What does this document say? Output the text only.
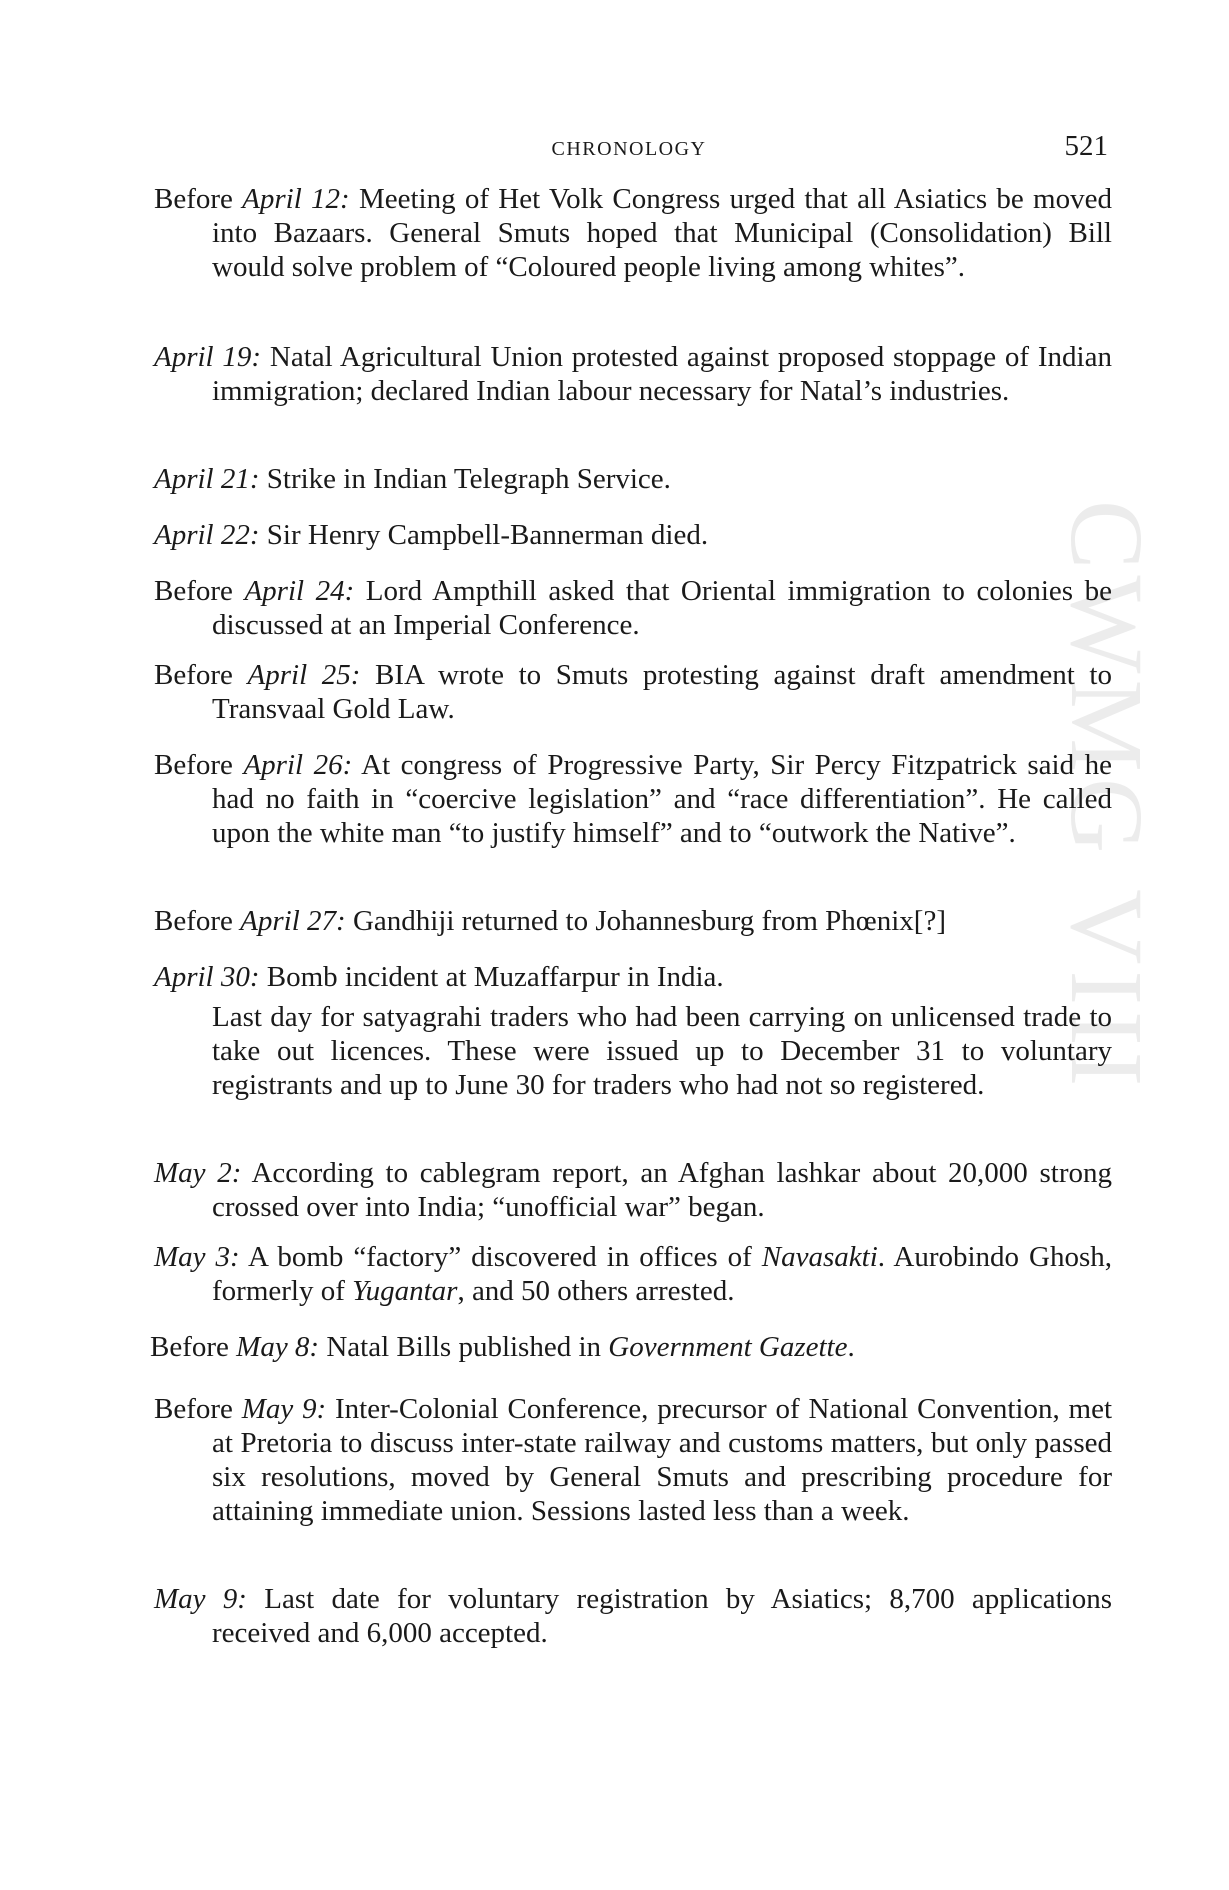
CHRONOLOGY	521
CWMG VIII
Before April 12: Meeting of Het Volk Congress urged that all Asiatics be moved into Bazaars. General Smuts hoped that Municipal (Consolidation) Bill would solve problem of “Coloured people living among whites”.
April 19: Natal Agricultural Union protested against proposed stoppage of Indian immigration; declared Indian labour necessary for Natal’s industries.
April 21: Strike in Indian Telegraph Service.
April 22: Sir Henry Campbell-Bannerman died.
Before April 24: Lord Ampthill asked that Oriental immigration to colonies be discussed at an Imperial Conference.
Before April 25: BIA wrote to Smuts protesting against draft amendment to Transvaal Gold Law.
Before April 26: At congress of Progressive Party, Sir Percy Fitzpatrick said he had no faith in “coercive legislation” and “race differentiation”. He called upon the white man “to justify himself” and to “outwork the Native”.
Before April 27: Gandhiji returned to Johannesburg from Phœnix[?]
April 30: Bomb incident at Muzaffarpur in India.
Last day for satyagrahi traders who had been carrying on unlicensed trade to take out licences. These were issued up to December 31 to voluntary registrants and up to June 30 for traders who had not so registered.
May 2: According to cablegram report, an Afghan lashkar about 20,000 strong crossed over into India; “unofficial war” began.
May 3: A bomb “factory” discovered in offices of Navasakti. Aurobindo Ghosh, formerly of Yugantar, and 50 others arrested.
Before May 8: Natal Bills published in Government Gazette.
Before May 9: Inter-Colonial Conference, precursor of National Convention, met at Pretoria to discuss inter-state railway and customs matters, but only passed six resolutions, moved by General Smuts and prescribing procedure for attaining immediate union. Sessions lasted less than a week.
May 9: Last date for voluntary registration by Asiatics; 8,700 applications received and 6,000 accepted.
